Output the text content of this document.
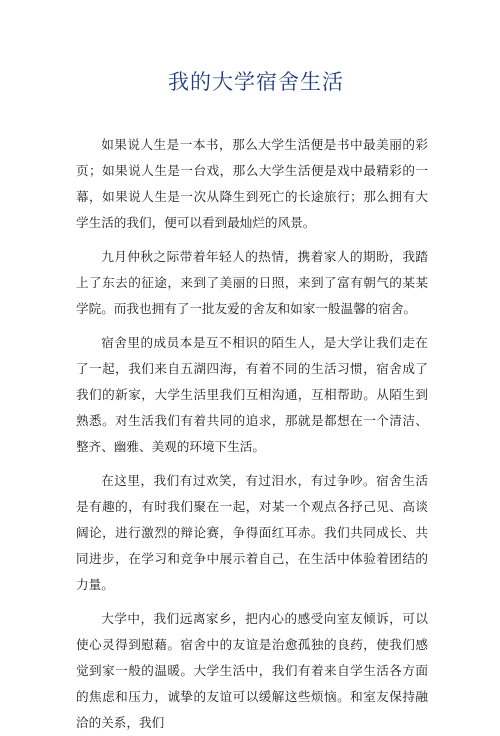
我的大学宿舍生活

如果说人生是一本书，那么大学生活便是书中最美丽的彩页；如果说人生是一台戏，那么大学生活便是戏中最精彩的一幕，如果说人生是一次从降生到死亡的长途旅行；那么拥有大学生活的我们，便可以看到最灿烂的风景。

九月仲秋之际带着年轻人的热情，携着家人的期盼，我踏上了东去的征途，来到了美丽的日照，来到了富有朝气的某某学院。而我也拥有了一批友爱的舍友和如家一般温馨的宿舍。

宿舍里的成员本是互不相识的陌生人，是大学让我们走在了一起，我们来自五湖四海，有着不同的生活习惯，宿舍成了我们的新家，大学生活里我们互相沟通，互相帮助。从陌生到熟悉。对生活我们有着共同的追求，那就是都想在一个清洁、整齐、幽雅、美观的环境下生活。

在这里，我们有过欢笑，有过泪水，有过争吵。宿舍生活是有趣的，有时我们聚在一起，对某一个观点各抒己见、高谈阔论，进行激烈的辩论赛，争得面红耳赤。我们共同成长、共同进步，在学习和竞争中展示着自己，在生活中体验着团结的力量。

大学中，我们远离家乡，把内心的感受向室友倾诉，可以使心灵得到慰藉。宿舍中的友谊是治愈孤独的良药，使我们感觉到家一般的温暖。大学生活中，我们有着来自学生活各方面的焦虑和压力，诚挚的友谊可以缓解这些烦恼。和室友保持融洽的关系，我们
